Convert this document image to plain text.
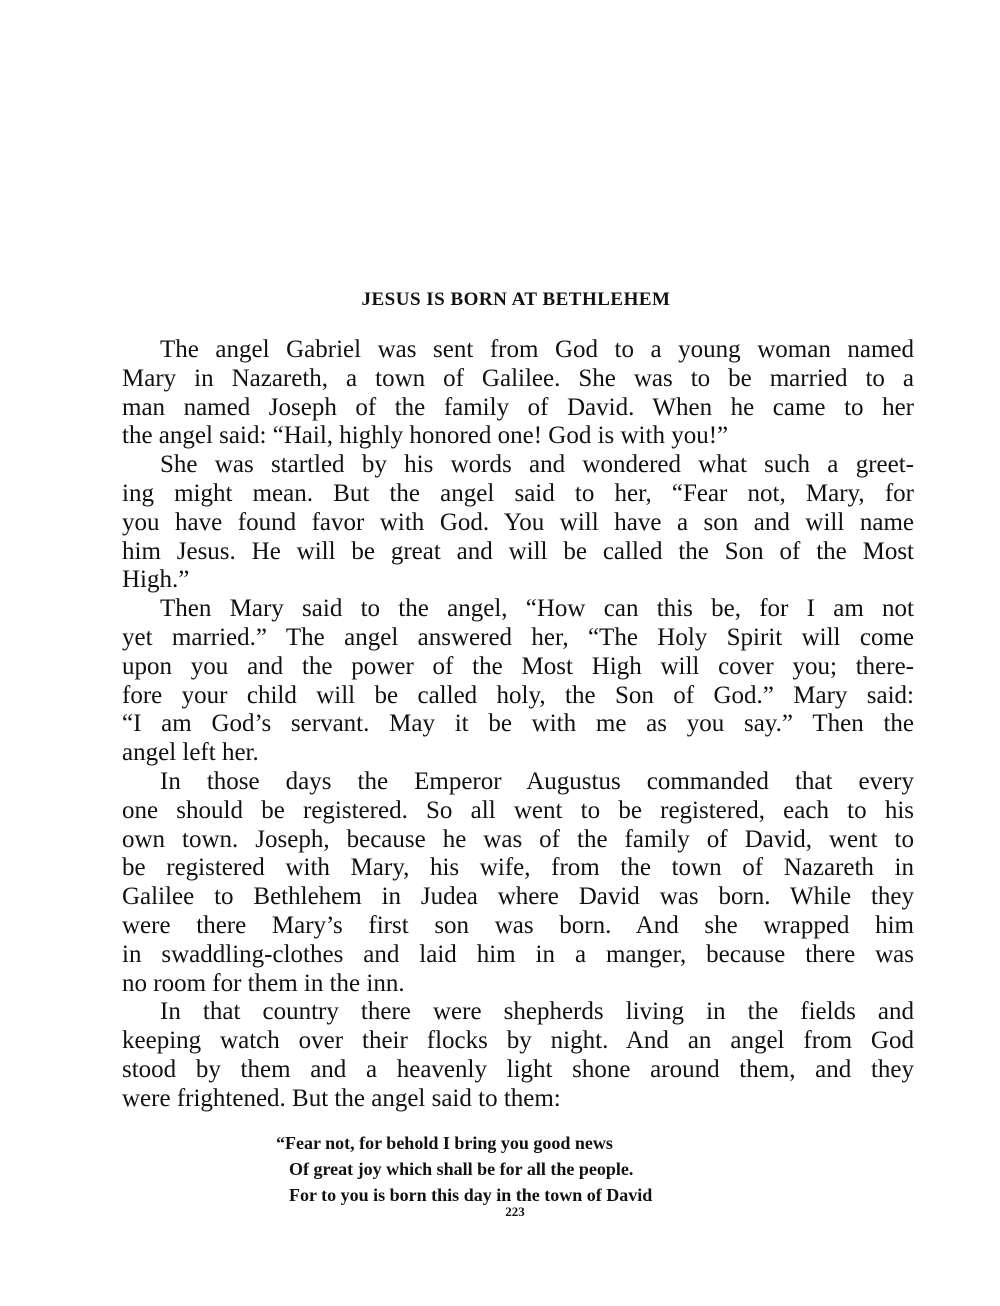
JESUS IS BORN AT BETHLEHEM
The angel Gabriel was sent from God to a young woman named
Mary in Nazareth, a town of Galilee. She was to be married to a
man named Joseph of the family of David. When he came to her
the angel said: “Hail, highly honored one! God is with you!”
She was startled by his words and wondered what such a greet-
ing might mean. But the angel said to her, “Fear not, Mary, for
you have found favor with God. You will have a son and will name
him Jesus. He will be great and will be called the Son of the Most
High.”
Then Mary said to the angel, “How can this be, for I am not
yet married.” The angel answered her, “The Holy Spirit will come
upon you and the power of the Most High will cover you; there-
fore your child will be called holy, the Son of God.” Mary said:
“I am God’s servant. May it be with me as you say.” Then the
angel left her.
In those days the Emperor Augustus commanded that every
one should be registered. So all went to be registered, each to his
own town. Joseph, because he was of the family of David, went to
be registered with Mary, his wife, from the town of Nazareth in
Galilee to Bethlehem in Judea where David was born. While they
were there Mary’s first son was born. And she wrapped him
in swaddling-clothes and laid him in a manger, because there was
no room for them in the inn.
In that country there were shepherds living in the fields and
keeping watch over their flocks by night. And an angel from God
stood by them and a heavenly light shone around them, and they
were frightened. But the angel said to them:
“Fear not, for behold I bring you good news
Of great joy which shall be for all the people.
For to you is born this day in the town of David
223
